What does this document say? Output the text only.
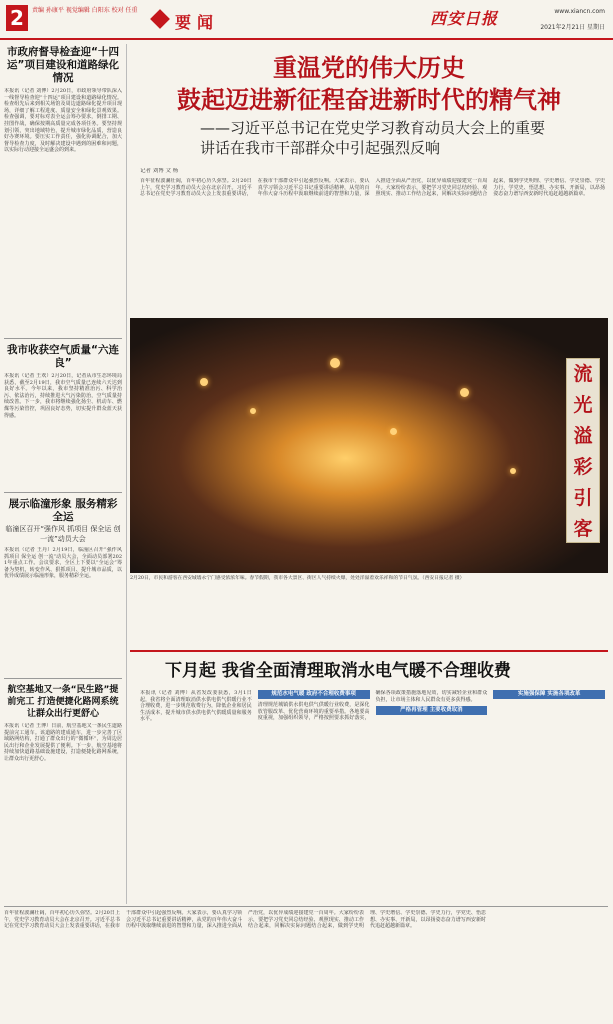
2	责编 孙康平 视觉编辑 白阳东 校对 任重
要闻	西安日报	www.xiancn.com
2021年2月21日 星期日
市政府督导检查迎“十四运”项目建设和道路绿化情况
本报讯（记者 刘博）2月20日，市政府领导带队深入一线督导检查迎“十四运”项目建设和道路绿化情况。检查组先后来到相关场馆及周边道路绿化提升项目现场，详细了解工程进度、质量安全和绿化景观效果。检查强调，要对标对表全运会筹办要求，倒排工期、挂图作战，确保按期高质量完成各项任务。要坚持规划引领，突出地域特色，提升城市绿化品质，营造良好办赛环境。要压实工作责任，强化协调配合，加大督导检查力度，及时解决建设中遇到的困难和问题，以实际行动迎接全运盛会的到来。
我市收获空气质量“六连良”
本报讯（记者 王欢）2月20日，记者从市生态环境局获悉，截至2月19日，我市空气质量已连续六天达到良好水平。今年以来，我市坚持精准治污、科学治污、依法治污，持续推进大气污染防治，空气质量持续改善。下一步，我市将继续强化扬尘、机动车、燃煤等污染管控，巩固良好态势，切实提升群众蓝天获得感。
展示临潼形象 服务精彩全运
临潼区召开“强作风 抓项目 保全运 创一流”动员大会
本报讯（记者 王丹）2月19日，临潼区召开“强作风 抓项目 保全运 创一流”动员大会，全面动员部署2021年重点工作。会议要求，全区上下要以“全运会”筹备为契机，转变作风、狠抓项目、提升城市品质，以优异成绩展示临潼形象，服务精彩全运。
航空基地又一条“民生路”提前完工 打造便捷化路网系统 让群众出行更舒心
本报讯（记者 王博）日前，航空基地又一条民生道路提前完工通车。该道路的建成通车，进一步完善了区域路网结构，打通了群众出行的“微循环”，为周边居民出行和企业发展提供了便利。下一步，航空基地将持续加快道路基础设施建设，打造便捷化路网系统，让群众出行更舒心。
重温党的伟大历史
鼓起迈进新征程奋进新时代的精气神
——习近平总书记在党史学习教育动员大会上的重要
讲话在我市干部群众中引起强烈反响
记者 刘博 文 杨
百年征程波澜壮阔，百年初心历久弥坚。2月20日上午，党史学习教育动员大会在北京召开。习近平总书记在党史学习教育动员大会上发表重要讲话，在我市干部群众中引起强烈反响。大家表示，要认真学习领会习近平总书记重要讲话精神，从党的百年伟大奋斗历程中汲取继续前进的智慧和力量，深入推进全面从严治党，以优异成绩迎接建党一百周年。大家纷纷表示，要把学习党史同总结经验、观照现实、推动工作结合起来，同解决实际问题结合起来，做到学史明理、学史增信、学史崇德、学史力行，学党史、悟思想、办实事、开新局，以昂扬姿态奋力谱写西安新时代追赶超越新篇章。
流
光
溢
彩
引
客
2月20日，市民和游客在西安城墙永宁门感受浓浓年味。春节假期，我市各大景区、街区人气持续火爆，处处洋溢着欢乐祥和的节日气氛。（西安日报记者 摄）
下月起 我省全面清理取消水电气暖不合理收费
本报讯（记者 刘博）从省发改委获悉，3月1日起，我省将全面清理取消供水供电供气供暖行业不合理收费，进一步规范收费行为，降低企业和居民生活成本，提升城市供水供电供气供暖质量和服务水平。
规范水电气暖 政府不合理收费事项
清理规范城镇供水供电供气供暖行业收费，是深化放管服改革、优化营商环境的重要举措。各地要高度重视，加强组织领导，严格按照要求抓好落实，确保各项政策措施落地见效，切实减轻企业和群众负担，让市场主体和人民群众有更多获得感。
严格再管理 主要收费取消
实施强保障 实施各项改革
百年征程波澜壮阔，百年初心历久弥坚。2月20日上午，党史学习教育动员大会在北京召开。习近平总书记在党史学习教育动员大会上发表重要讲话，在我市干部群众中引起强烈反响。大家表示，要认真学习领会习近平总书记重要讲话精神，从党的百年伟大奋斗历程中汲取继续前进的智慧和力量，深入推进全面从严治党，以优异成绩迎接建党一百周年。大家纷纷表示，要把学习党史同总结经验、观照现实、推动工作结合起来，同解决实际问题结合起来，做到学史明理、学史增信、学史崇德、学史力行，学党史、悟思想、办实事、开新局，以昂扬姿态奋力谱写西安新时代追赶超越新篇章。
